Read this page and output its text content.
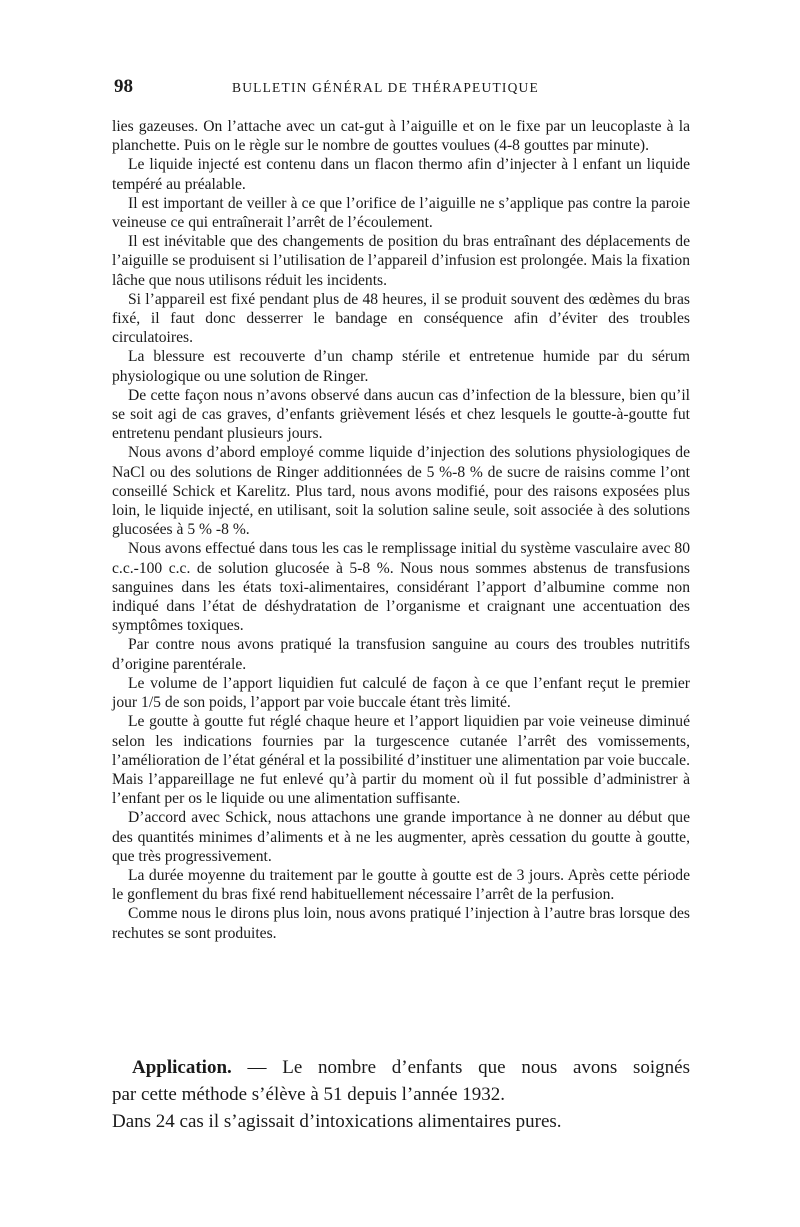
98	BULLETIN GÉNÉRAL DE THÉRAPEUTIQUE

lies gazeuses. On l’attache avec un cat-gut à l’aiguille et on le fixe par un leucoplaste à la planchette. Puis on le règle sur le nombre de gouttes voulues (4-8 gouttes par minute).

Le liquide injecté est contenu dans un flacon thermo afin d’injecter à l enfant un liquide tempéré au préalable.

Il est important de veiller à ce que l’orifice de l’aiguille ne s’applique pas contre la paroie veineuse ce qui entraînerait l’arrêt de l’écoulement.

Il est inévitable que des changements de position du bras entraînant des déplacements de l’aiguille se produisent si l’utilisation de l’appareil d’infusion est prolongée. Mais la fixation lâche que nous utilisons réduit les incidents.

Si l’appareil est fixé pendant plus de 48 heures, il se produit souvent des œdèmes du bras fixé, il faut donc desserrer le bandage en conséquence afin d’éviter des troubles circulatoires.

La blessure est recouverte d’un champ stérile et entretenue humide par du sérum physiologique ou une solution de Ringer.

De cette façon nous n’avons observé dans aucun cas d’infection de la blessure, bien qu’il se soit agi de cas graves, d’enfants grièvement lésés et chez lesquels le goutte-à-goutte fut entretenu pendant plusieurs jours.

Nous avons d’abord employé comme liquide d’injection des solutions physiologiques de NaCl ou des solutions de Ringer additionnées de 5 %‑8 % de sucre de raisins comme l’ont conseillé Schick et Karelitz. Plus tard, nous avons modifié, pour des raisons exposées plus loin, le liquide injecté, en utilisant, soit la solution saline seule, soit associée à des solutions glucosées à 5 % -8 %.

Nous avons effectué dans tous les cas le remplissage initial du système vasculaire avec 80 c.c.-100 c.c. de solution glucosée à 5-8 %. Nous nous sommes abstenus de transfusions sanguines dans les états toxi-alimentaires, considérant l’apport d’albumine comme non indiqué dans l’état de déshydratation de l’organisme et craignant une accentuation des symptômes toxiques.

Par contre nous avons pratiqué la transfusion sanguine au cours des troubles nutritifs d’origine parentérale.

Le volume de l’apport liquidien fut calculé de façon à ce que l’enfant reçut le premier jour 1/5 de son poids, l’apport par voie buccale étant très limité.

Le goutte à goutte fut réglé chaque heure et l’apport liquidien par voie veineuse diminué selon les indications fournies par la turgescence cutanée l’arrêt des vomissements, l’amélioration de l’état général et la possibilité d’instituer une alimentation par voie buccale. Mais l’appareillage ne fut enlevé qu’à partir du moment où il fut possible d’administrer à l’enfant per os le liquide ou une alimentation suffisante.

D’accord avec Schick, nous attachons une grande importance à ne donner au début que des quantités minimes d’aliments et à ne les augmenter, après cessation du goutte à goutte, que très progressivement.

La durée moyenne du traitement par le goutte à goutte est de 3 jours. Après cette période le gonflement du bras fixé rend habituellement nécessaire l’arrêt de la perfusion.

Comme nous le dirons plus loin, nous avons pratiqué l’injection à l’autre bras lorsque des rechutes se sont produites.

Application. — Le nombre d’enfants que nous avons soignés

par cette méthode s’élève à 51 depuis l’année 1932.

Dans 24 cas il s’agissait d’intoxications alimentaires pures.
